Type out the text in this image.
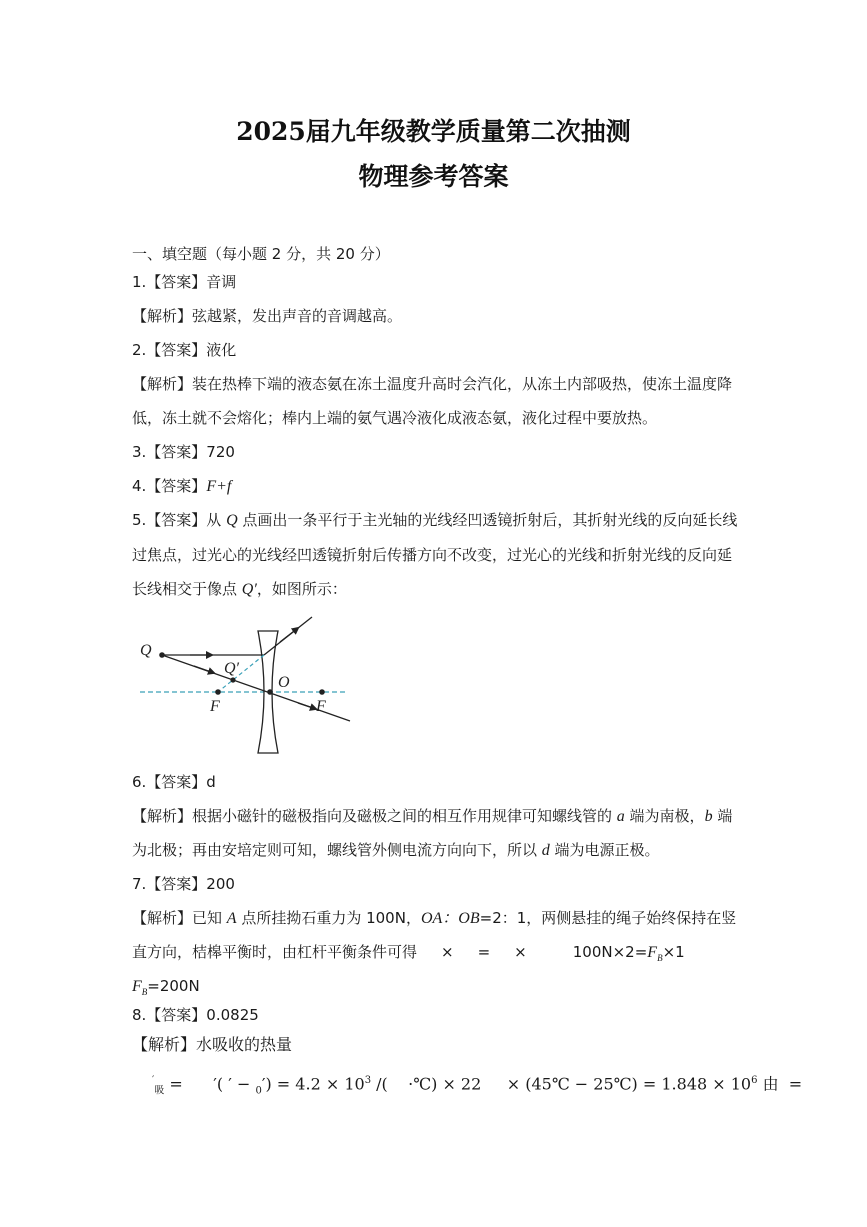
2025届九年级教学质量第二次抽测
物理参考答案
一、填空题（每小题 2 分，共 20 分）
1.【答案】音调
【解析】弦越紧，发出声音的音调越高。
2.【答案】液化
【解析】装在热棒下端的液态氨在冻土温度升高时会汽化，从冻土内部吸热，使冻土温度降
低，冻土就不会熔化；棒内上端的氨气遇冷液化成液态氨，液化过程中要放热。
3.【答案】720
4.【答案】F+f
5.【答案】从 Q 点画出一条平行于主光轴的光线经凹透镜折射后，其折射光线的反向延长线
过焦点，过光心的光线经凹透镜折射后传播方向不改变，过光心的光线和折射光线的反向延
长线相交于像点 Q′，如图所示：
Q
Q′
O
F	F
6.【答案】d
【解析】根据小磁针的磁极指向及磁极之间的相互作用规律可知螺线管的 a 端为南极，b 端
为北极；再由安培定则可知，螺线管外侧电流方向向下，所以 d 端为电源正极。
7.【答案】200
【解析】已知 A 点所挂拗石重力为 100N，OA：OB=2：1，两侧悬挂的绳子始终保持在竖
直方向，桔槔平衡时，由杠杆平衡条件可得 × = ×	$100N\times 2=F_B\times 1$
$F_B=200N$
8.【答案】0.0825
【解析】水吸收的热量
′$_吸$ =      ′( ′ − $_0') = 4.2 \times 10^3$ /(    ·℃) × 22     × (45℃ − 25℃) = $1.848 \times 10^6$ 由  =
